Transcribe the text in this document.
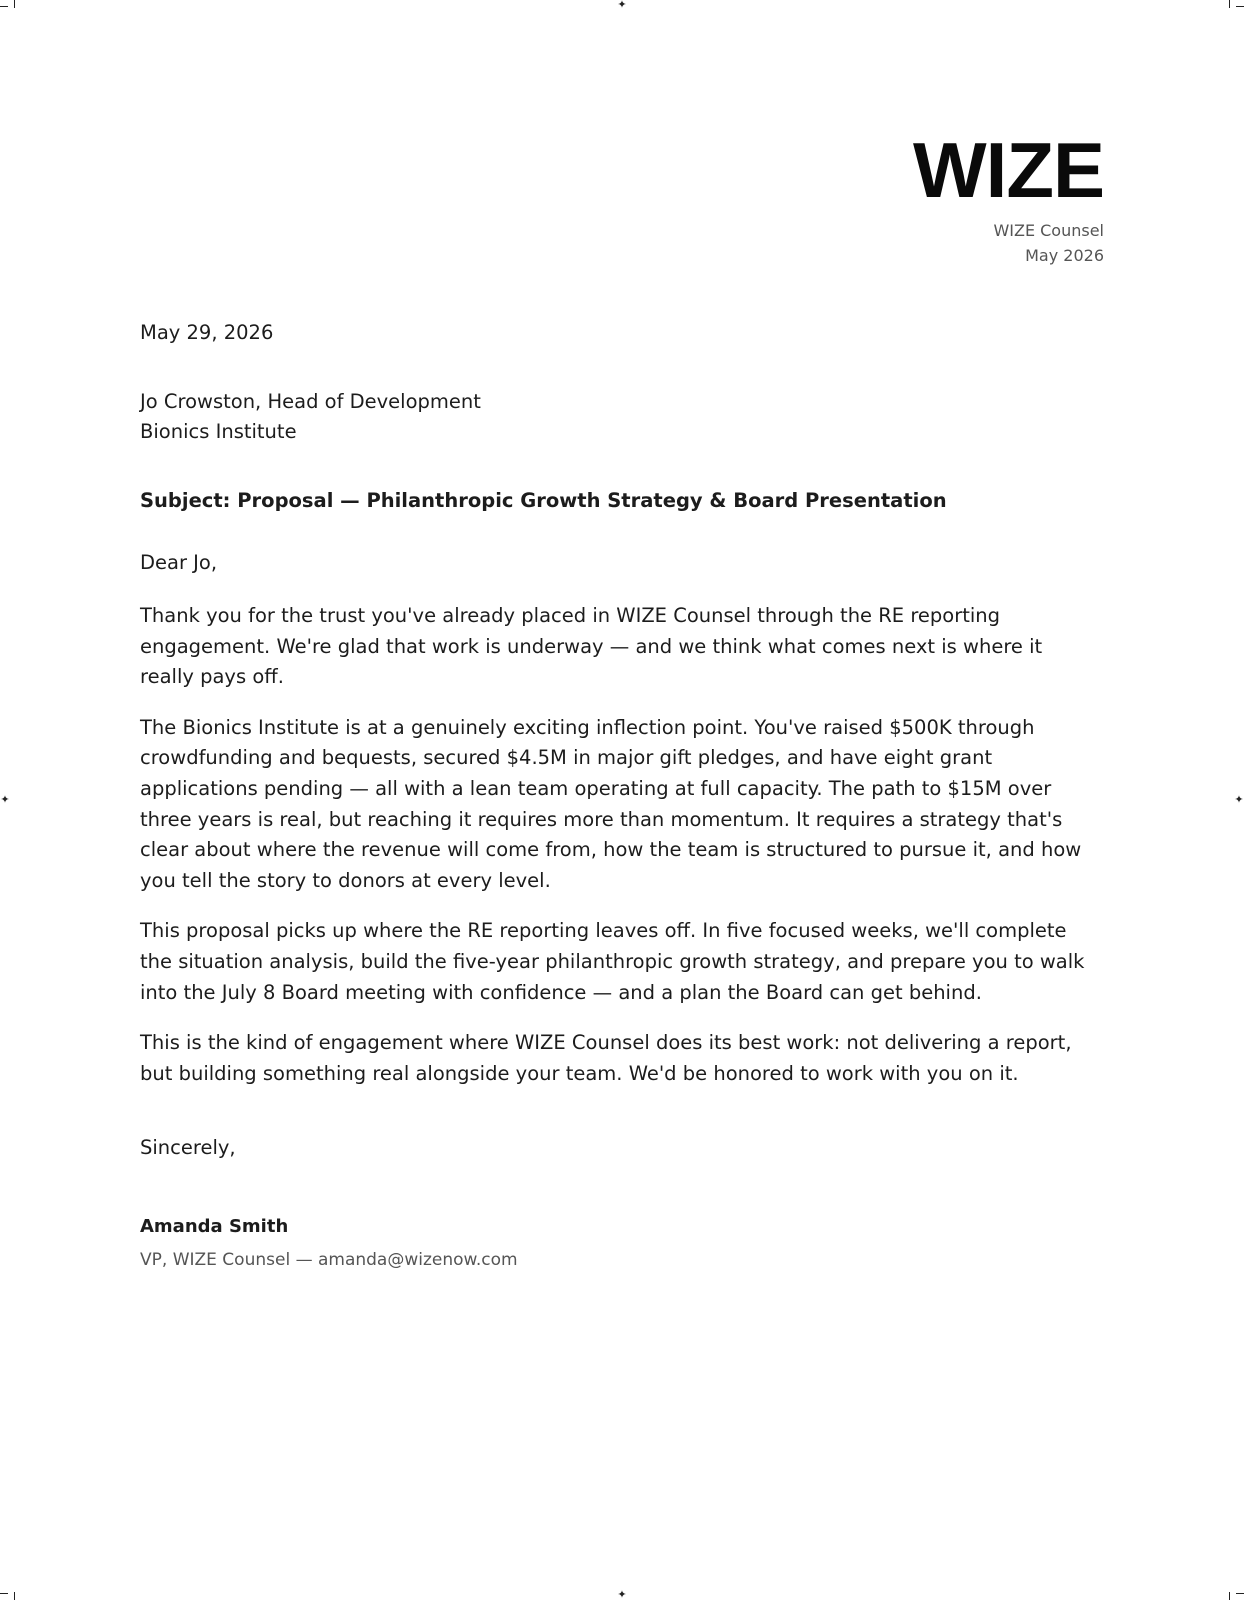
✦
✦
✦	✦
WIZE
WIZE Counsel
May 2026
May 29, 2026
Jo Crowston, Head of Development
Bionics Institute
Subject: Proposal — Philanthropic Growth Strategy & Board Presentation
Dear Jo,

Thank you for the trust you've already placed in WIZE Counsel through the RE reporting engagement. We're glad that work is underway — and we think what comes next is where it really pays off.

The Bionics Institute is at a genuinely exciting inflection point. You've raised $500K through crowdfunding and bequests, secured $4.5M in major gift pledges, and have eight grant applications pending — all with a lean team operating at full capacity. The path to $15M over three years is real, but reaching it requires more than momentum. It requires a strategy that's clear about where the revenue will come from, how the team is structured to pursue it, and how you tell the story to donors at every level.

This proposal picks up where the RE reporting leaves off. In five focused weeks, we'll complete the situation analysis, build the five-year philanthropic growth strategy, and prepare you to walk into the July 8 Board meeting with confidence — and a plan the Board can get behind.

This is the kind of engagement where WIZE Counsel does its best work: not delivering a report, but building something real alongside your team. We'd be honored to work with you on it.

Sincerely,
Amanda Smith
VP, WIZE Counsel — amanda@wizenow.com
